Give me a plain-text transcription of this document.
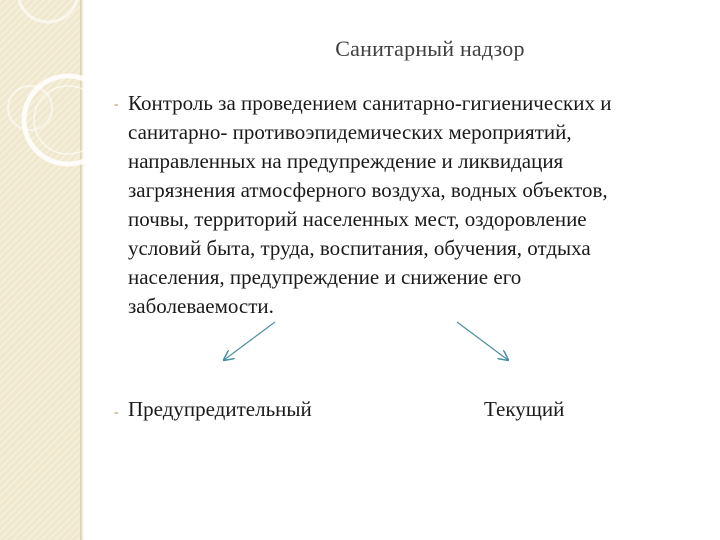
Санитарный надзор
- Контроль за проведением санитарно-гигиенических и
санитарно- противоэпидемических мероприятий,
направленных на предупреждение и ликвидация
загрязнения атмосферного воздуха, водных объектов,
почвы, территорий населенных мест, оздоровление
условий быта, труда, воспитания, обучения, отдыха
населения, предупреждение и снижение его
заболеваемости.
- Предупредительный	Текущий
